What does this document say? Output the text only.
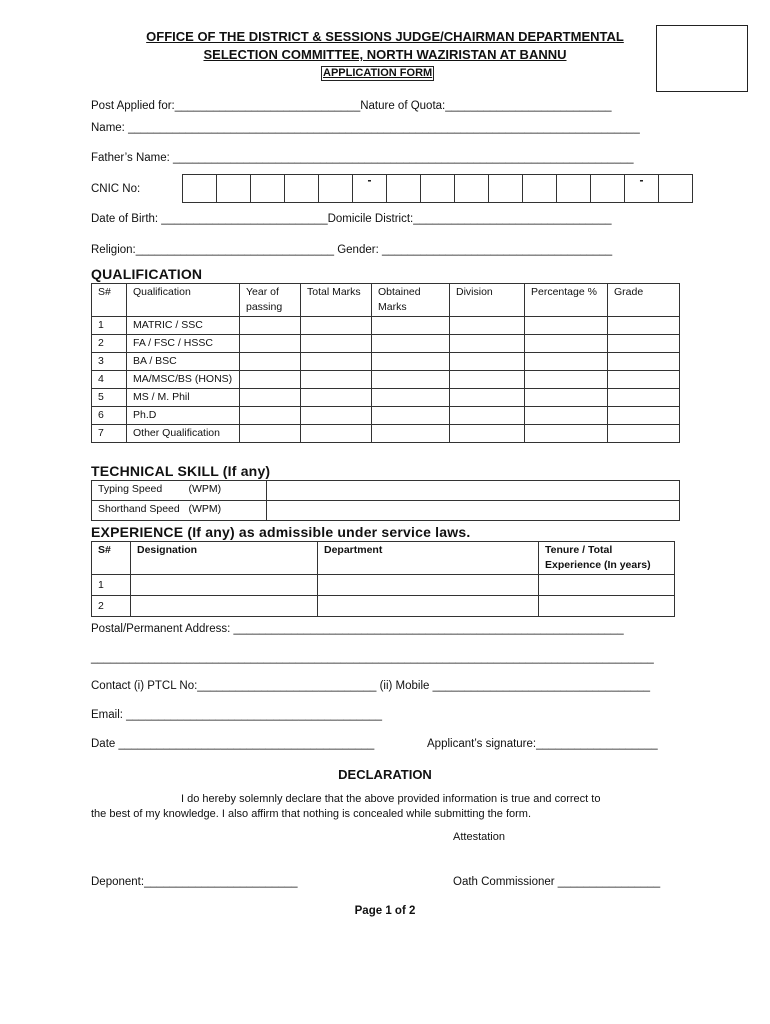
OFFICE OF THE DISTRICT & SESSIONS JUDGE/CHAIRMAN DEPARTMENTAL
SELECTION COMMITTEE, NORTH WAZIRISTAN AT BANNU
APPLICATION FORM
Post Applied for:_____________________________Nature of Quota:__________________________
Name: ________________________________________________________________________________
Father’s Name: ________________________________________________________________________
CNIC No:
					-								-	
Date of Birth: __________________________Domicile District:_______________________________
Religion:_______________________________ Gender: ____________________________________
QUALIFICATION
S#	Qualification	Year of passing	Total Marks	Obtained Marks	Division	Percentage %	Grade
1	MATRIC / SSC						
2	FA / FSC / HSSC						
3	BA / BSC						
4	MA/MSC/BS (HONS)						
5	MS / M. Phil						
6	Ph.D						
7	Other Qualification						
TECHNICAL SKILL (If any)
Typing Speed         (WPM)	
Shorthand Speed   (WPM)	
EXPERIENCE (If any) as admissible under service laws.
S#	Designation	Department	Tenure / Total Experience (In years)
1			
2			
Postal/Permanent Address: _____________________________________________________________
________________________________________________________________________________________
Contact (i) PTCL No:____________________________ (ii) Mobile __________________________________
Email: ________________________________________
Date ________________________________________	Applicant’s signature:___________________
DECLARATION
I do hereby solemnly declare that the above provided information is true and correct to
the best of my knowledge. I also affirm that nothing is concealed while submitting the form.
Attestation
Deponent:________________________	Oath Commissioner ________________
Page 1 of 2
